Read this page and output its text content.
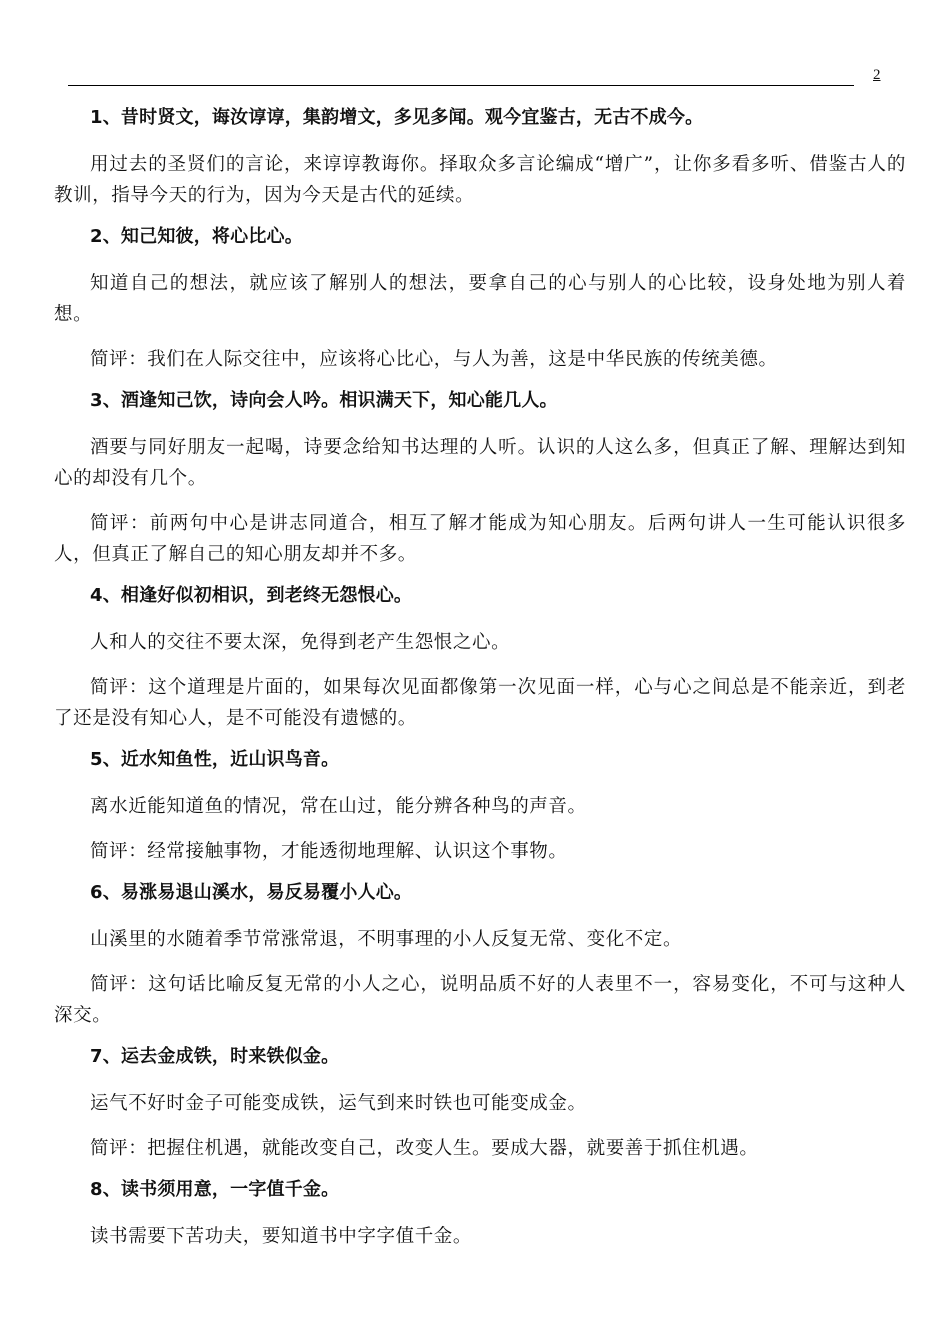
2
1、昔时贤文，诲汝谆谆，集韵增文，多见多闻。观今宜鉴古，无古不成今。

用过去的圣贤们的言论，来谆谆教诲你。择取众多言论编成“增广”，让你多看多听、借鉴古人的教训，指导今天的行为，因为今天是古代的延续。

2、知己知彼，将心比心。

知道自己的想法，就应该了解别人的想法，要拿自己的心与别人的心比较，设身处地为别人着想。

简评：我们在人际交往中，应该将心比心，与人为善，这是中华民族的传统美德。

3、酒逢知己饮，诗向会人吟。相识满天下，知心能几人。

酒要与同好朋友一起喝，诗要念给知书达理的人听。认识的人这么多，但真正了解、理解达到知心的却没有几个。

简评：前两句中心是讲志同道合，相互了解才能成为知心朋友。后两句讲人一生可能认识很多人，但真正了解自己的知心朋友却并不多。

4、相逢好似初相识，到老终无怨恨心。

人和人的交往不要太深，免得到老产生怨恨之心。

简评：这个道理是片面的，如果每次见面都像第一次见面一样，心与心之间总是不能亲近，到老了还是没有知心人，是不可能没有遗憾的。

5、近水知鱼性，近山识鸟音。

离水近能知道鱼的情况，常在山过，能分辨各种鸟的声音。

简评：经常接触事物，才能透彻地理解、认识这个事物。

6、易涨易退山溪水，易反易覆小人心。

山溪里的水随着季节常涨常退，不明事理的小人反复无常、变化不定。

简评：这句话比喻反复无常的小人之心，说明品质不好的人表里不一，容易变化，不可与这种人深交。

7、运去金成铁，时来铁似金。

运气不好时金子可能变成铁，运气到来时铁也可能变成金。

简评：把握住机遇，就能改变自己，改变人生。要成大器，就要善于抓住机遇。

8、读书须用意，一字值千金。

读书需要下苦功夫，要知道书中字字值千金。
